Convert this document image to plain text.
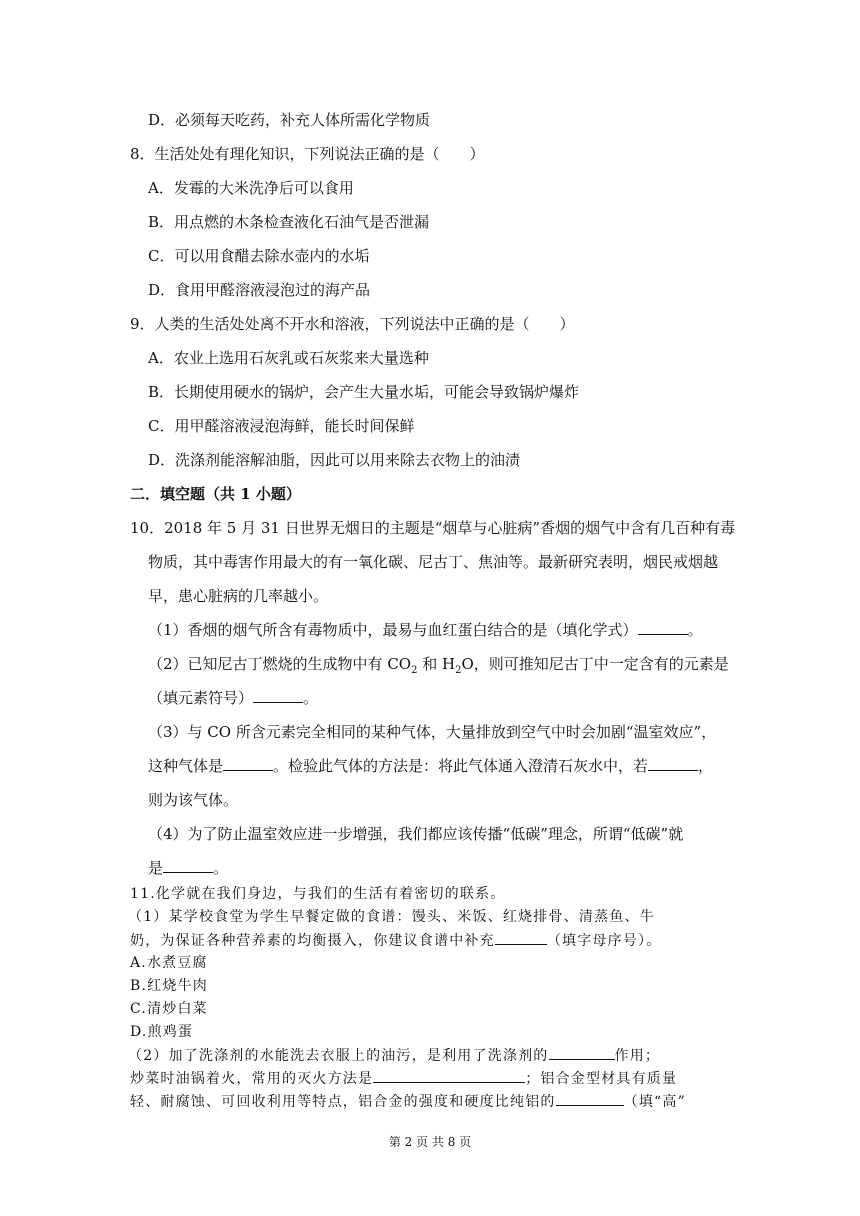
D．必须每天吃药，补充人体所需化学物质
8．生活处处有理化知识，下列说法正确的是（　　）
A．发霉的大米洗净后可以食用
B．用点燃的木条检查液化石油气是否泄漏
C．可以用食醋去除水壶内的水垢
D．食用甲醛溶液浸泡过的海产品
9．人类的生活处处离不开水和溶液，下列说法中正确的是（　　）
A．农业上选用石灰乳或石灰浆来大量选种
B．长期使用硬水的锅炉，会产生大量水垢，可能会导致锅炉爆炸
C．用甲醛溶液浸泡海鲜，能长时间保鲜
D．洗涤剂能溶解油脂，因此可以用来除去衣物上的油渍
二．填空题（共 1 小题）
10．2018 年 5 月 31 日世界无烟日的主题是“烟草与心脏病”香烟的烟气中含有几百种有毒
物质，其中毒害作用最大的有一氧化碳、尼古丁、焦油等。最新研究表明，烟民戒烟越
早，患心脏病的几率越小。
（1）香烟的烟气所含有毒物质中，最易与血红蛋白结合的是（填化学式）	。
（2）已知尼古丁燃烧的生成物中有 $CO_2$ 和 $H_2O$，则可推知尼古丁中一定含有的元素是
（填元素符号）	。
（3）与 CO 所含元素完全相同的某种气体，大量排放到空气中时会加剧“温室效应”，
这种气体是	。检验此气体的方法是：将此气体通入澄清石灰水中，若	，
则为该气体。
（4）为了防止温室效应进一步增强，我们都应该传播“低碳”理念，所谓“低碳”就
是	。
11.化学就在我们身边，与我们的生活有着密切的联系。
（1）某学校食堂为学生早餐定做的食谱：馒头、米饭、红烧排骨、清蒸鱼、牛
奶，为保证各种营养素的均衡摄入，你建议食谱中补充	（填字母序号）。
A.水煮豆腐
B.红烧牛肉
C.清炒白菜
D.煎鸡蛋
（2）加了洗涤剂的水能洗去衣服上的油污，是利用了洗涤剂的	作用；
炒菜时油锅着火，常用的灭火方法是	；铝合金型材具有质量
轻、耐腐蚀、可回收利用等特点，铝合金的强度和硬度比纯铝的	（填“高”
第 2 页 共 8 页
